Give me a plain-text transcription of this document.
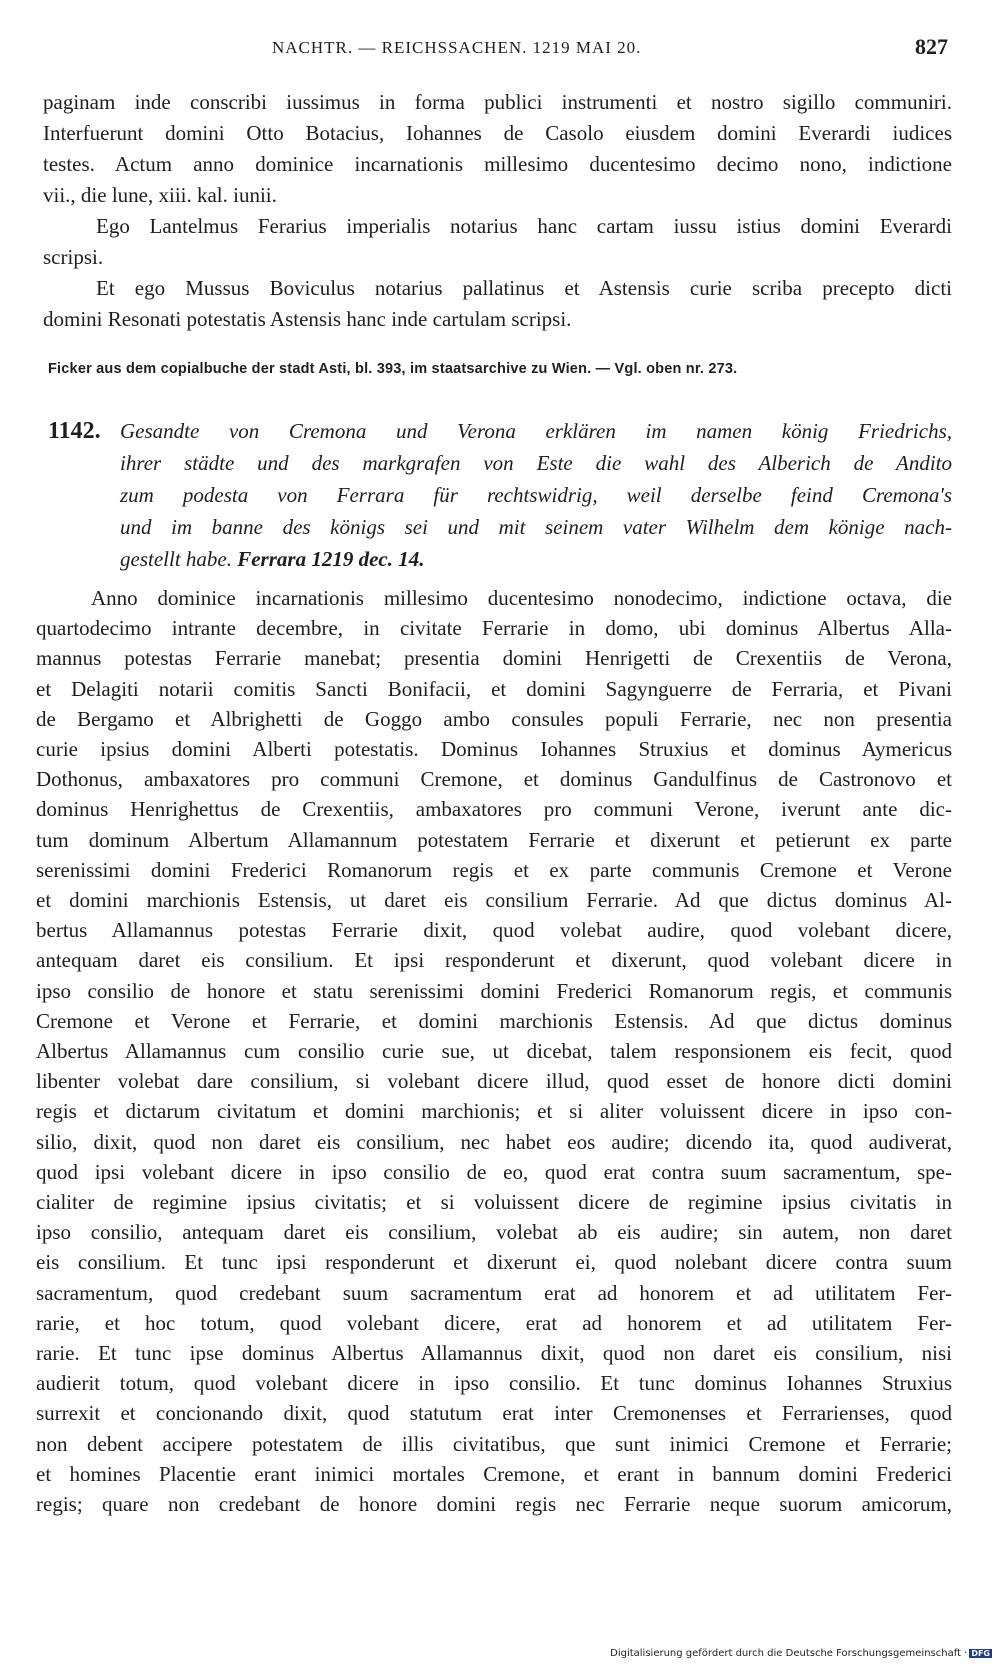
NACHTR. — REICHSSACHEN. 1219 MAI 20.	827
paginam inde conscribi iussimus in forma publici instrumenti et nostro sigillo communiri.
Interfuerunt domini Otto Botacius, Iohannes de Casolo eiusdem domini Everardi iudices
testes. Actum anno dominice incarnationis millesimo ducentesimo decimo nono, indictione
vii., die lune, xiii. kal. iunii.
Ego Lantelmus Ferarius imperialis notarius hanc cartam iussu istius domini Everardi
scripsi.
Et ego Mussus Boviculus notarius pallatinus et Astensis curie scriba precepto dicti
domini Resonati potestatis Astensis hanc inde cartulam scripsi.
Ficker aus dem copialbuche der stadt Asti, bl. 393, im staatsarchive zu Wien. — Vgl. oben nr. 273.
1142. Gesandte von Cremona und Verona erklären im namen könig Friedrichs,
ihrer städte und des markgrafen von Este die wahl des Alberich de Andito
zum podesta von Ferrara für rechtswidrig, weil derselbe feind Cremona's
und im banne des königs sei und mit seinem vater Wilhelm dem könige nach-
gestellt habe. Ferrara 1219 dec. 14.
Anno dominice incarnationis millesimo ducentesimo nonodecimo, indictione octava, die
quartodecimo intrante decembre, in civitate Ferrarie in domo, ubi dominus Albertus Alla-
mannus potestas Ferrarie manebat; presentia domini Henrigetti de Crexentiis de Verona,
et Delagiti notarii comitis Sancti Bonifacii, et domini Sagynguerre de Ferraria, et Pivani
de Bergamo et Albrighetti de Goggo ambo consules populi Ferrarie, nec non presentia
curie ipsius domini Alberti potestatis. Dominus Iohannes Struxius et dominus Aymericus
Dothonus, ambaxatores pro communi Cremone, et dominus Gandulfinus de Castronovo et
dominus Henrighettus de Crexentiis, ambaxatores pro communi Verone, iverunt ante dic-
tum dominum Albertum Allamannum potestatem Ferrarie et dixerunt et petierunt ex parte
serenissimi domini Frederici Romanorum regis et ex parte communis Cremone et Verone
et domini marchionis Estensis, ut daret eis consilium Ferrarie. Ad que dictus dominus Al-
bertus Allamannus potestas Ferrarie dixit, quod volebat audire, quod volebant dicere,
antequam daret eis consilium. Et ipsi responderunt et dixerunt, quod volebant dicere in
ipso consilio de honore et statu serenissimi domini Frederici Romanorum regis, et communis
Cremone et Verone et Ferrarie, et domini marchionis Estensis. Ad que dictus dominus
Albertus Allamannus cum consilio curie sue, ut dicebat, talem responsionem eis fecit, quod
libenter volebat dare consilium, si volebant dicere illud, quod esset de honore dicti domini
regis et dictarum civitatum et domini marchionis; et si aliter voluissent dicere in ipso con-
silio, dixit, quod non daret eis consilium, nec habet eos audire; dicendo ita, quod audiverat,
quod ipsi volebant dicere in ipso consilio de eo, quod erat contra suum sacramentum, spe-
cialiter de regimine ipsius civitatis; et si voluissent dicere de regimine ipsius civitatis in
ipso consilio, antequam daret eis consilium, volebat ab eis audire; sin autem, non daret
eis consilium. Et tunc ipsi responderunt et dixerunt ei, quod nolebant dicere contra suum
sacramentum, quod credebant suum sacramentum erat ad honorem et ad utilitatem Fer-
rarie, et hoc totum, quod volebant dicere, erat ad honorem et ad utilitatem Fer-
rarie. Et tunc ipse dominus Albertus Allamannus dixit, quod non daret eis consilium, nisi
audierit totum, quod volebant dicere in ipso consilio. Et tunc dominus Iohannes Struxius
surrexit et concionando dixit, quod statutum erat inter Cremonenses et Ferrarienses, quod
non debent accipere potestatem de illis civitatibus, que sunt inimici Cremone et Ferrarie;
et homines Placentie erant inimici mortales Cremone, et erant in bannum domini Frederici
regis; quare non credebant de honore domini regis nec Ferrarie neque suorum amicorum,
Digitalisierung gefördert durch die Deutsche Forschungsgemeinschaft · DFG
